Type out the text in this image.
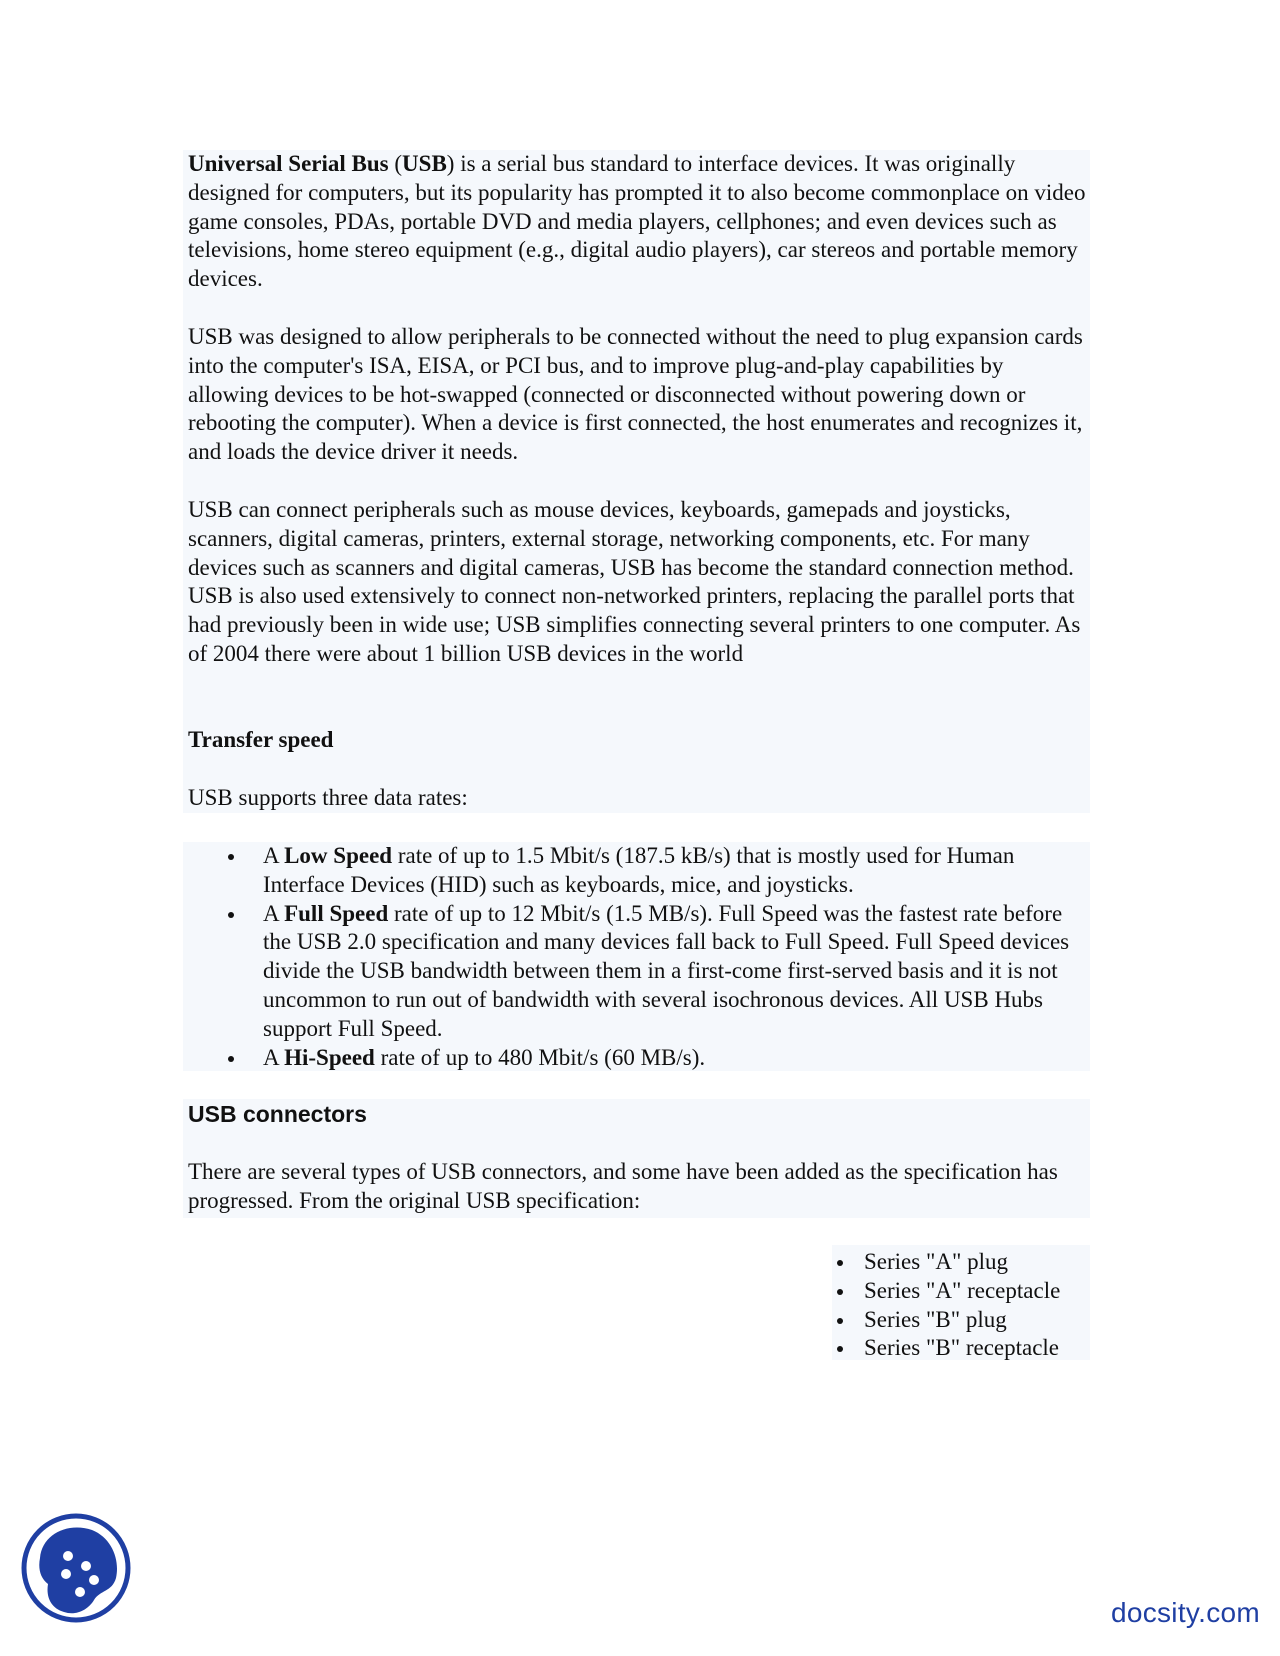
Universal Serial Bus (USB) is a serial bus standard to interface devices. It was originally designed for computers, but its popularity has prompted it to also become commonplace on video game consoles, PDAs, portable DVD and media players, cellphones; and even devices such as televisions, home stereo equipment (e.g., digital audio players), car stereos and portable memory devices.

USB was designed to allow peripherals to be connected without the need to plug expansion cards into the computer's ISA, EISA, or PCI bus, and to improve plug-and-play capabilities by allowing devices to be hot-swapped (connected or disconnected without powering down or rebooting the computer). When a device is first connected, the host enumerates and recognizes it, and loads the device driver it needs.

USB can connect peripherals such as mouse devices, keyboards, gamepads and joysticks, scanners, digital cameras, printers, external storage, networking components, etc. For many devices such as scanners and digital cameras, USB has become the standard connection method. USB is also used extensively to connect non-networked printers, replacing the parallel ports that had previously been in wide use; USB simplifies connecting several printers to one computer. As of 2004 there were about 1 billion USB devices in the world

Transfer speed

USB supports three data rates:

A Low Speed rate of up to 1.5 Mbit/s (187.5 kB/s) that is mostly used for Human Interface Devices (HID) such as keyboards, mice, and joysticks.
A Full Speed rate of up to 12 Mbit/s (1.5 MB/s). Full Speed was the fastest rate before the USB 2.0 specification and many devices fall back to Full Speed. Full Speed devices divide the USB bandwidth between them in a first-come first-served basis and it is not uncommon to run out of bandwidth with several isochronous devices. All USB Hubs support Full Speed.
A Hi-Speed rate of up to 480 Mbit/s (60 MB/s).

USB connectors

There are several types of USB connectors, and some have been added as the specification has progressed. From the original USB specification:

Series "A" plug
Series "A" receptacle
Series "B" plug
Series "B" receptacle
docsity.com
